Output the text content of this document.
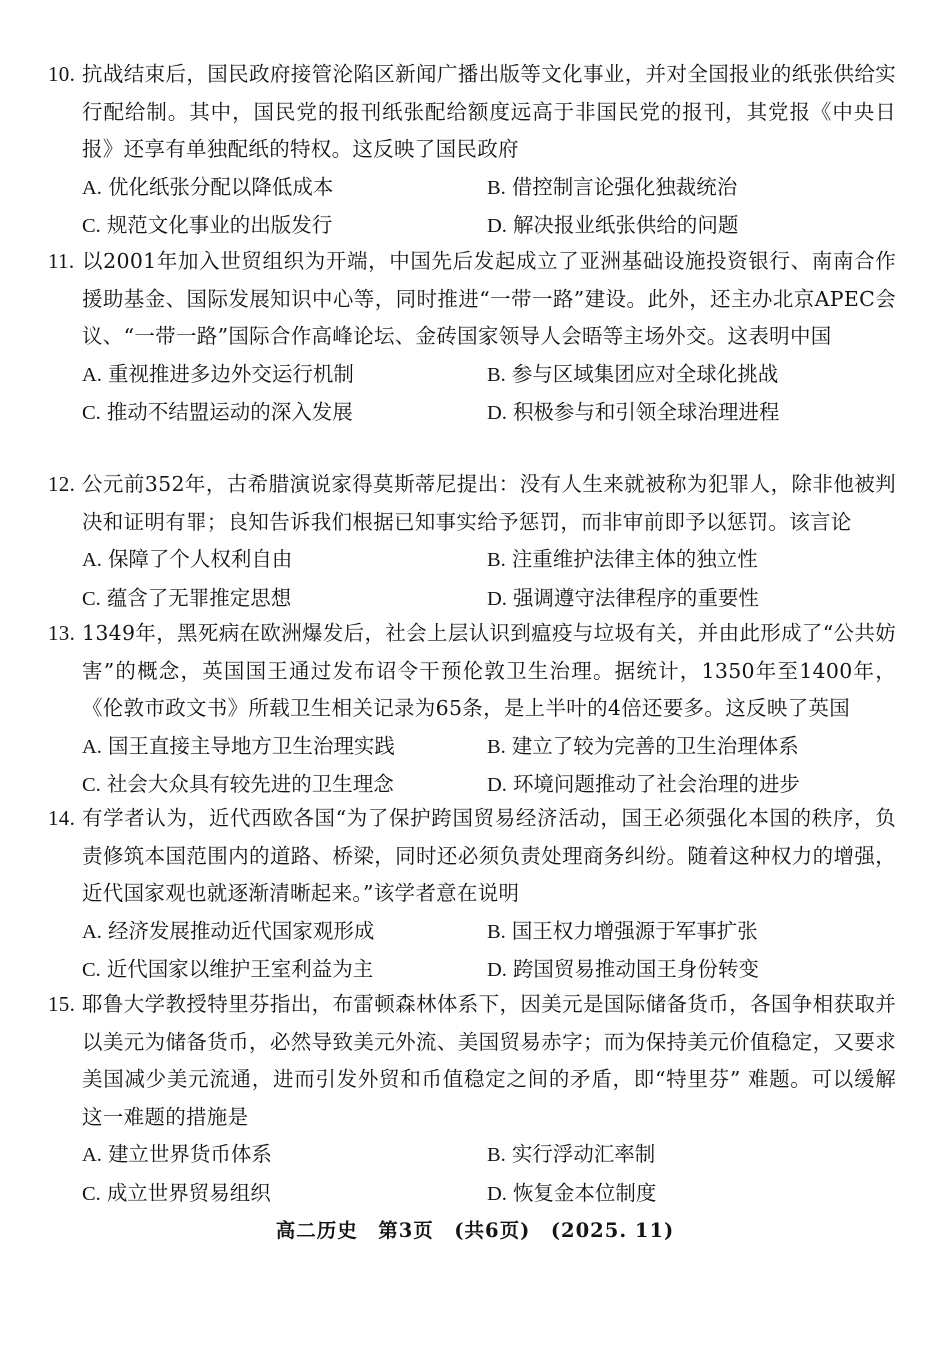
10. 抗战结束后，国民政府接管沦陷区新闻广播出版等文化事业，并对全国报业的纸张供给实行配给制。其中，国民党的报刊纸张配给额度远高于非国民党的报刊，其党报《中央日报》还享有单独配纸的特权。这反映了国民政府
A. 优化纸张分配以降低成本	B. 借控制言论强化独裁统治
C. 规范文化事业的出版发行	D. 解决报业纸张供给的问题
11. 以2001年加入世贸组织为开端，中国先后发起成立了亚洲基础设施投资银行、南南合作援助基金、国际发展知识中心等，同时推进“一带一路”建设。此外，还主办北京APEC会议、“一带一路”国际合作高峰论坛、金砖国家领导人会晤等主场外交。这表明中国
A. 重视推进多边外交运行机制	B. 参与区域集团应对全球化挑战
C. 推动不结盟运动的深入发展	D. 积极参与和引领全球治理进程
12. 公元前352年，古希腊演说家得莫斯蒂尼提出：没有人生来就被称为犯罪人，除非他被判决和证明有罪；良知告诉我们根据已知事实给予惩罚，而非审前即予以惩罚。该言论
A. 保障了个人权利自由	B. 注重维护法律主体的独立性
C. 蕴含了无罪推定思想	D. 强调遵守法律程序的重要性
13. 1349年，黑死病在欧洲爆发后，社会上层认识到瘟疫与垃圾有关，并由此形成了“公共妨害”的概念，英国国王通过发布诏令干预伦敦卫生治理。据统计，1350年至1400年，《伦敦市政文书》所载卫生相关记录为65条，是上半叶的4倍还要多。这反映了英国
A. 国王直接主导地方卫生治理实践	B. 建立了较为完善的卫生治理体系
C. 社会大众具有较先进的卫生理念	D. 环境问题推动了社会治理的进步
14. 有学者认为，近代西欧各国“为了保护跨国贸易经济活动，国王必须强化本国的秩序，负责修筑本国范围内的道路、桥梁，同时还必须负责处理商务纠纷。随着这种权力的增强，近代国家观也就逐渐清晰起来。”该学者意在说明
A. 经济发展推动近代国家观形成	B. 国王权力增强源于军事扩张
C. 近代国家以维护王室利益为主	D. 跨国贸易推动国王身份转变
15. 耶鲁大学教授特里芬指出，布雷顿森林体系下，因美元是国际储备货币，各国争相获取并以美元为储备货币，必然导致美元外流、美国贸易赤字；而为保持美元价值稳定，又要求美国减少美元流通，进而引发外贸和币值稳定之间的矛盾，即“特里芬” 难题。可以缓解这一难题的措施是
A. 建立世界货币体系	B. 实行浮动汇率制
C. 成立世界贸易组织	D. 恢复金本位制度
高二历史　第3页　(共6页)　(2025. 11)
